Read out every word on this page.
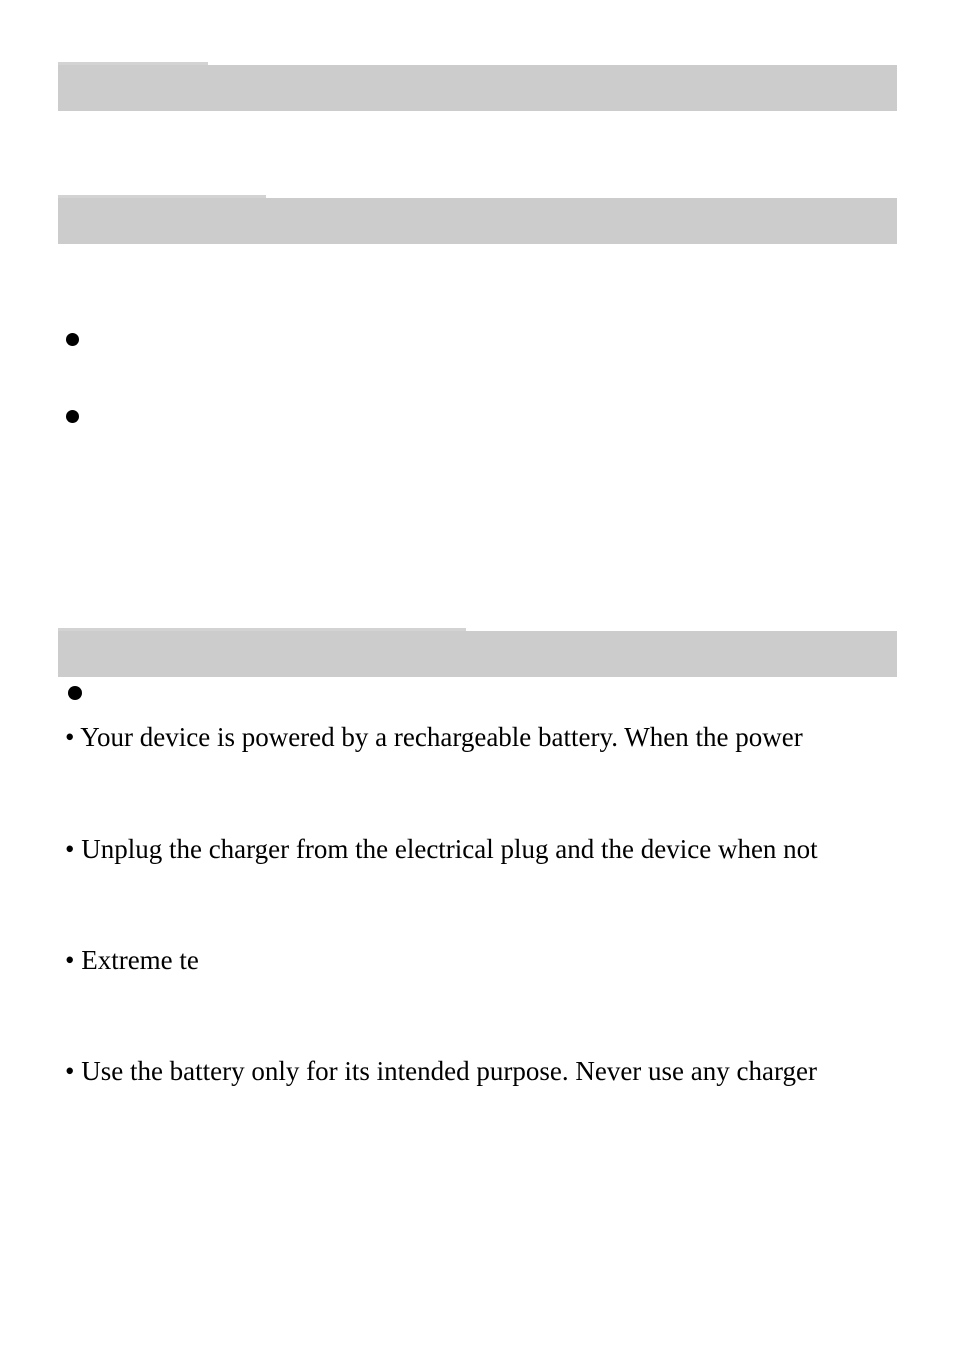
• Your device is powered by a rechargeable battery. When the power
• Unplug the charger from the electrical plug and the device when not
• Extreme te
• Use the battery only for its intended purpose. Never use any charger
